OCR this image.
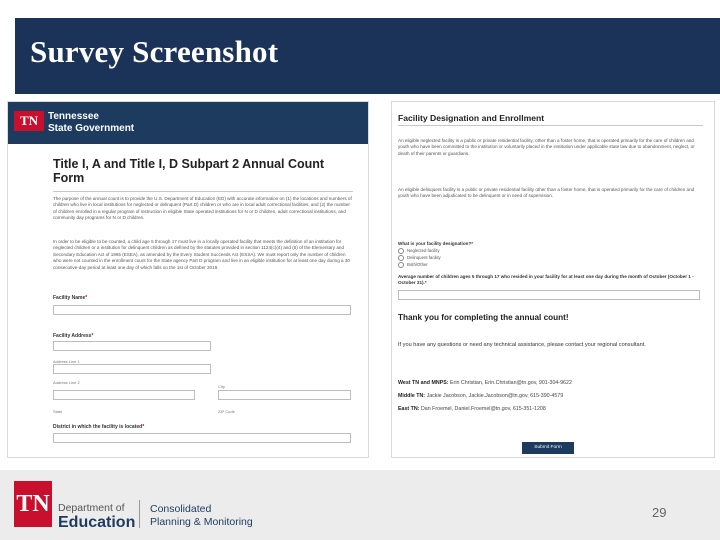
Survey Screenshot
TN Tennessee
State Government
Title I, A and Title I, D Subpart 2 Annual Count Form

The purpose of the annual count is to provide the U.S. Department of Education (ED) with accurate information on (1) the locations and numbers of children who live in local institutions for neglected or delinquent (Part D) children or who are in local adult correctional facilities, and (2) the number of children enrolled in a regular program of instruction in eligible State operated institutions for N or D children, adult correctional institutions, and community day programs for N or D children.

In order to be eligible to be counted, a child age 5 through 17 must live in a locally operated facility that meets the definition of an institution for neglected children or a institution for delinquent children as defined by the statutes provided in section 1124(c)(4) and (5) of the Elementary and Secondary Education Act of 1965 (ESEA), as amended by the Every Student Succeeds Act (ESSA). We must report only the number of children who were not counted in the enrollment count for the State agency Part D program and live in an eligible institution for at least one day during a 30 consecutive-day period at least one day of which falls on the 1st of October 2019.

Facility Name*
Facility Address*
Address Line 1
Address Line 2
City
State	ZIP Code
District in which the facility is located*
Facility Designation and Enrollment

An eligible neglected facility is a public or private residential facility, other than a foster home, that is operated primarily for the care of children and youth who have been committed to the institution or voluntarily placed in the institution under applicable state law due to abandonment, neglect, or death of their parents or guardians.

An eligible delinquent facility is a public or private residential facility other than a foster home, that is operated primarily for the care of children and youth who have been adjudicated to be delinquent or in need of supervision.

What is your facility designation?*
Neglected facility
Delinquent facility
Both/Other
Average number of children ages 5 through 17 who resided in your facility for at least one day during the month of October (October 1 - October 31).*
Thank you for completing the annual count!

If you have any questions or need any technical assistance, please contact your regional consultant.

West TN and MNPS: Erin Christian, Erin.Christian@tn.gov, 901-304-9622
Middle TN: Jackie Jacobson, Jackie.Jacobson@tn.gov, 615-390-4579
East TN: Dan Froemel, Daniel.Froemel@tn.gov, 615-351-1208
Submit Form
TN Department of
Education
Consolidated
Planning & Monitoring
29
